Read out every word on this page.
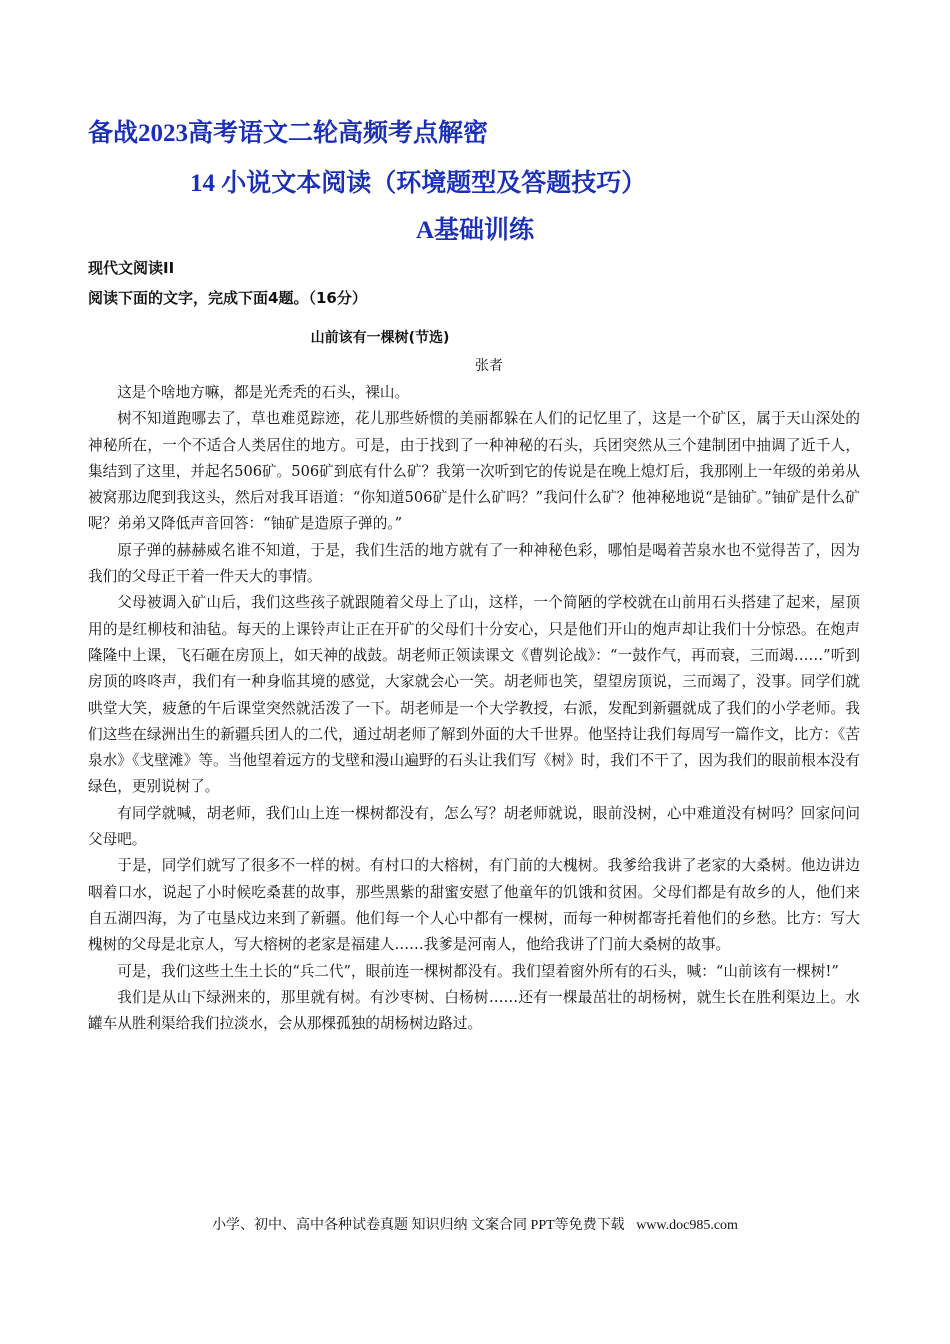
备战2023高考语文二轮高频考点解密
14 小说文本阅读（环境题型及答题技巧）
A基础训练
现代文阅读II
阅读下面的文字，完成下面4题。（16分）
山前该有一棵树(节选)
张者

这是个啥地方嘛，都是光秃秃的石头，裸山。

树不知道跑哪去了，草也难觅踪迹，花儿那些娇惯的美丽都躲在人们的记忆里了，这是一个矿区，属于天山深处的神秘所在，一个不适合人类居住的地方。可是，由于找到了一种神秘的石头，兵团突然从三个建制团中抽调了近千人，集结到了这里，并起名506矿。506矿到底有什么矿？我第一次听到它的传说是在晚上熄灯后，我那刚上一年级的弟弟从被窝那边爬到我这头，然后对我耳语道：“你知道506矿是什么矿吗？”我问什么矿？他神秘地说“是铀矿。”铀矿是什么矿呢？弟弟又降低声音回答：“铀矿是造原子弹的。”

原子弹的赫赫威名谁不知道，于是，我们生活的地方就有了一种神秘色彩，哪怕是喝着苦泉水也不觉得苦了，因为我们的父母正干着一件天大的事情。

父母被调入矿山后，我们这些孩子就跟随着父母上了山，这样，一个简陋的学校就在山前用石头搭建了起来，屋顶用的是红柳枝和油毡。每天的上课铃声让正在开矿的父母们十分安心，只是他们开山的炮声却让我们十分惊恐。在炮声隆隆中上课，飞石砸在房顶上，如天神的战鼓。胡老师正领读课文《曹刿论战》：“一鼓作气，再而衰，三而竭……”听到房顶的咚咚声，我们有一种身临其境的感觉，大家就会心一笑。胡老师也笑，望望房顶说，三而竭了，没事。同学们就哄堂大笑，疲惫的午后课堂突然就活泼了一下。胡老师是一个大学教授，右派，发配到新疆就成了我们的小学老师。我们这些在绿洲出生的新疆兵团人的二代，通过胡老师了解到外面的大千世界。他坚持让我们每周写一篇作文，比方：《苦泉水》《戈壁滩》等。当他望着远方的戈壁和漫山遍野的石头让我们写《树》时，我们不干了，因为我们的眼前根本没有绿色，更别说树了。

有同学就喊，胡老师，我们山上连一棵树都没有，怎么写？胡老师就说，眼前没树，心中难道没有树吗？回家问问父母吧。

于是，同学们就写了很多不一样的树。有村口的大榕树，有门前的大槐树。我爹给我讲了老家的大桑树。他边讲边咽着口水，说起了小时候吃桑葚的故事，那些黑紫的甜蜜安慰了他童年的饥饿和贫困。父母们都是有故乡的人，他们来自五湖四海，为了屯垦戍边来到了新疆。他们每一个人心中都有一棵树，而每一种树都寄托着他们的乡愁。比方：写大槐树的父母是北京人，写大榕树的老家是福建人……我爹是河南人，他给我讲了门前大桑树的故事。

可是，我们这些土生土长的“兵二代”，眼前连一棵树都没有。我们望着窗外所有的石头，喊：“山前该有一棵树!”

我们是从山下绿洲来的，那里就有树。有沙枣树、白杨树……还有一棵最茁壮的胡杨树，就生长在胜利渠边上。水罐车从胜利渠给我们拉淡水，会从那棵孤独的胡杨树边路过。

小学、初中、高中各种试卷真题 知识归纳 文案合同 PPT等免费下载 www.doc985.com
